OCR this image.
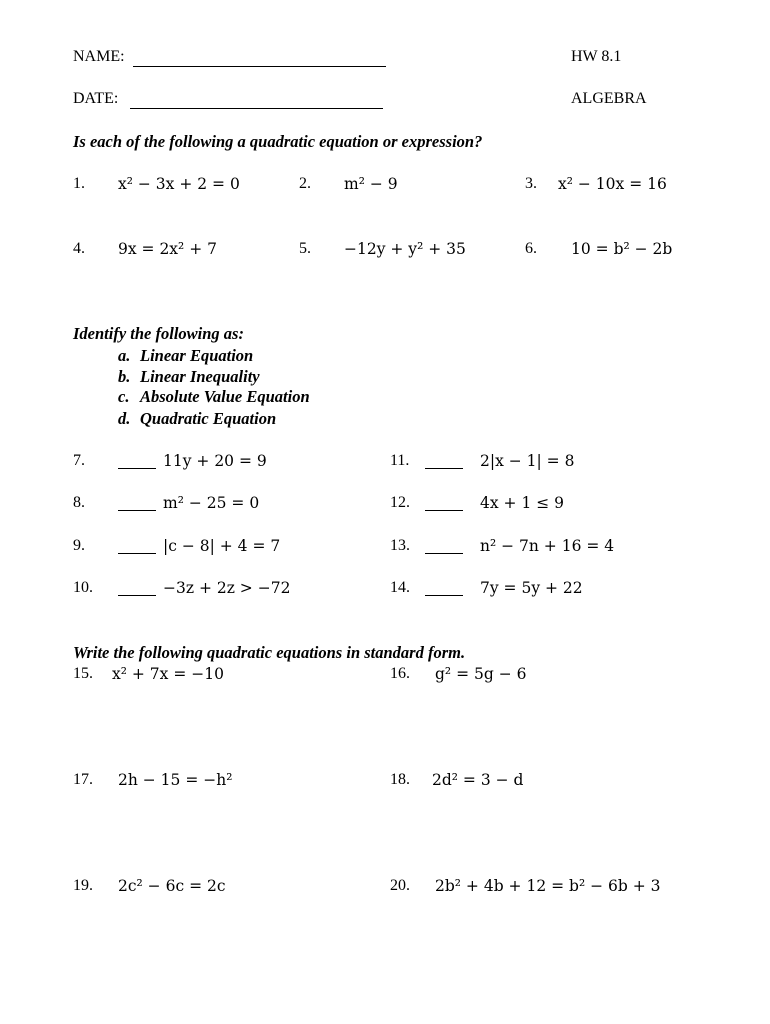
NAME:	HW 8.1
DATE:	ALGEBRA
Is each of the following a quadratic equation or expression?
1. x² − 3x + 2 = 0	2. m² − 9	3. x² − 10x = 16
4. 9x = 2x² + 7	5. −12y + y² + 35	6. 10 = b² − 2b
Identify the following as:
a. Linear Equation
b. Linear Inequality
c. Absolute Value Equation
d. Quadratic Equation
7.	11y + 20 = 9
8.	m² − 25 = 0
9.	|c − 8| + 4 = 7
10.	−3z + 2z > −72
11.	2|x − 1| = 8
12.	4x + 1 ≤ 9
13.	n² − 7n + 16 = 4
14.	7y = 5y + 22
Write the following quadratic equations in standard form.
15. x² + 7x = −10	16. g² = 5g − 6
17. 2h − 15 = −h²	18. 2d² = 3 − d
19. 2c² − 6c = 2c	20. 2b² + 4b + 12 = b² − 6b + 3
